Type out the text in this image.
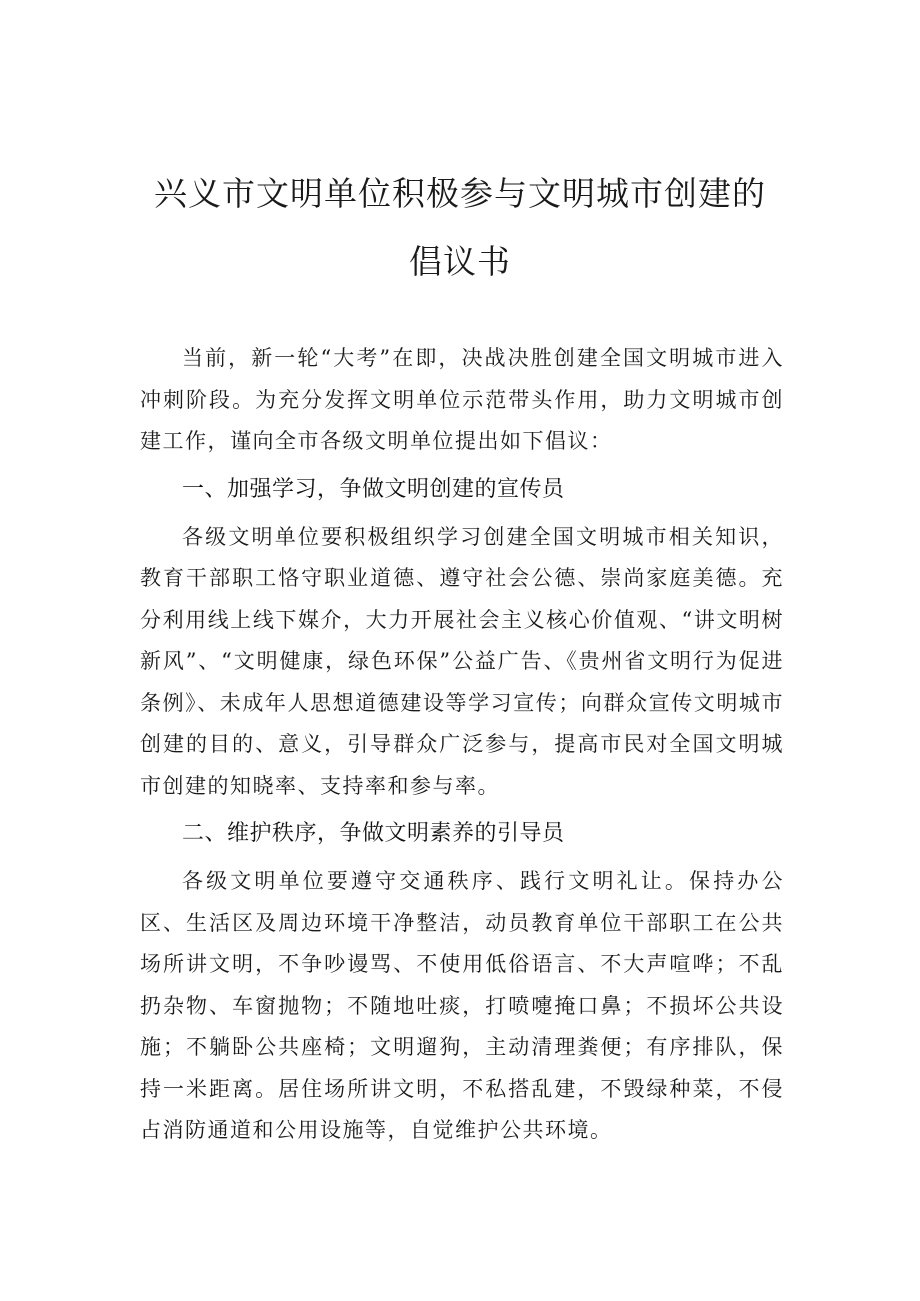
兴义市文明单位积极参与文明城市创建的
倡议书

当前，新一轮“大考”在即，决战决胜创建全国文明城市进入冲刺阶段。为充分发挥文明单位示范带头作用，助力文明城市创建工作，谨向全市各级文明单位提出如下倡议：

一、加强学习，争做文明创建的宣传员

各级文明单位要积极组织学习创建全国文明城市相关知识，教育干部职工恪守职业道德、遵守社会公德、崇尚家庭美德。充分利用线上线下媒介，大力开展社会主义核心价值观、“讲文明树新风”、“文明健康，绿色环保”公益广告、《贵州省文明行为促进条例》、未成年人思想道德建设等学习宣传；向群众宣传文明城市创建的目的、意义，引导群众广泛参与，提高市民对全国文明城市创建的知晓率、支持率和参与率。

二、维护秩序，争做文明素养的引导员

各级文明单位要遵守交通秩序、践行文明礼让。保持办公区、生活区及周边环境干净整洁，动员教育单位干部职工在公共场所讲文明，不争吵谩骂、不使用低俗语言、不大声喧哗；不乱扔杂物、车窗抛物；不随地吐痰，打喷嚏掩口鼻；不损坏公共设施；不躺卧公共座椅；文明遛狗，主动清理粪便；有序排队，保持一米距离。居住场所讲文明，不私搭乱建，不毁绿种菜，不侵占消防通道和公用设施等，自觉维护公共环境。
